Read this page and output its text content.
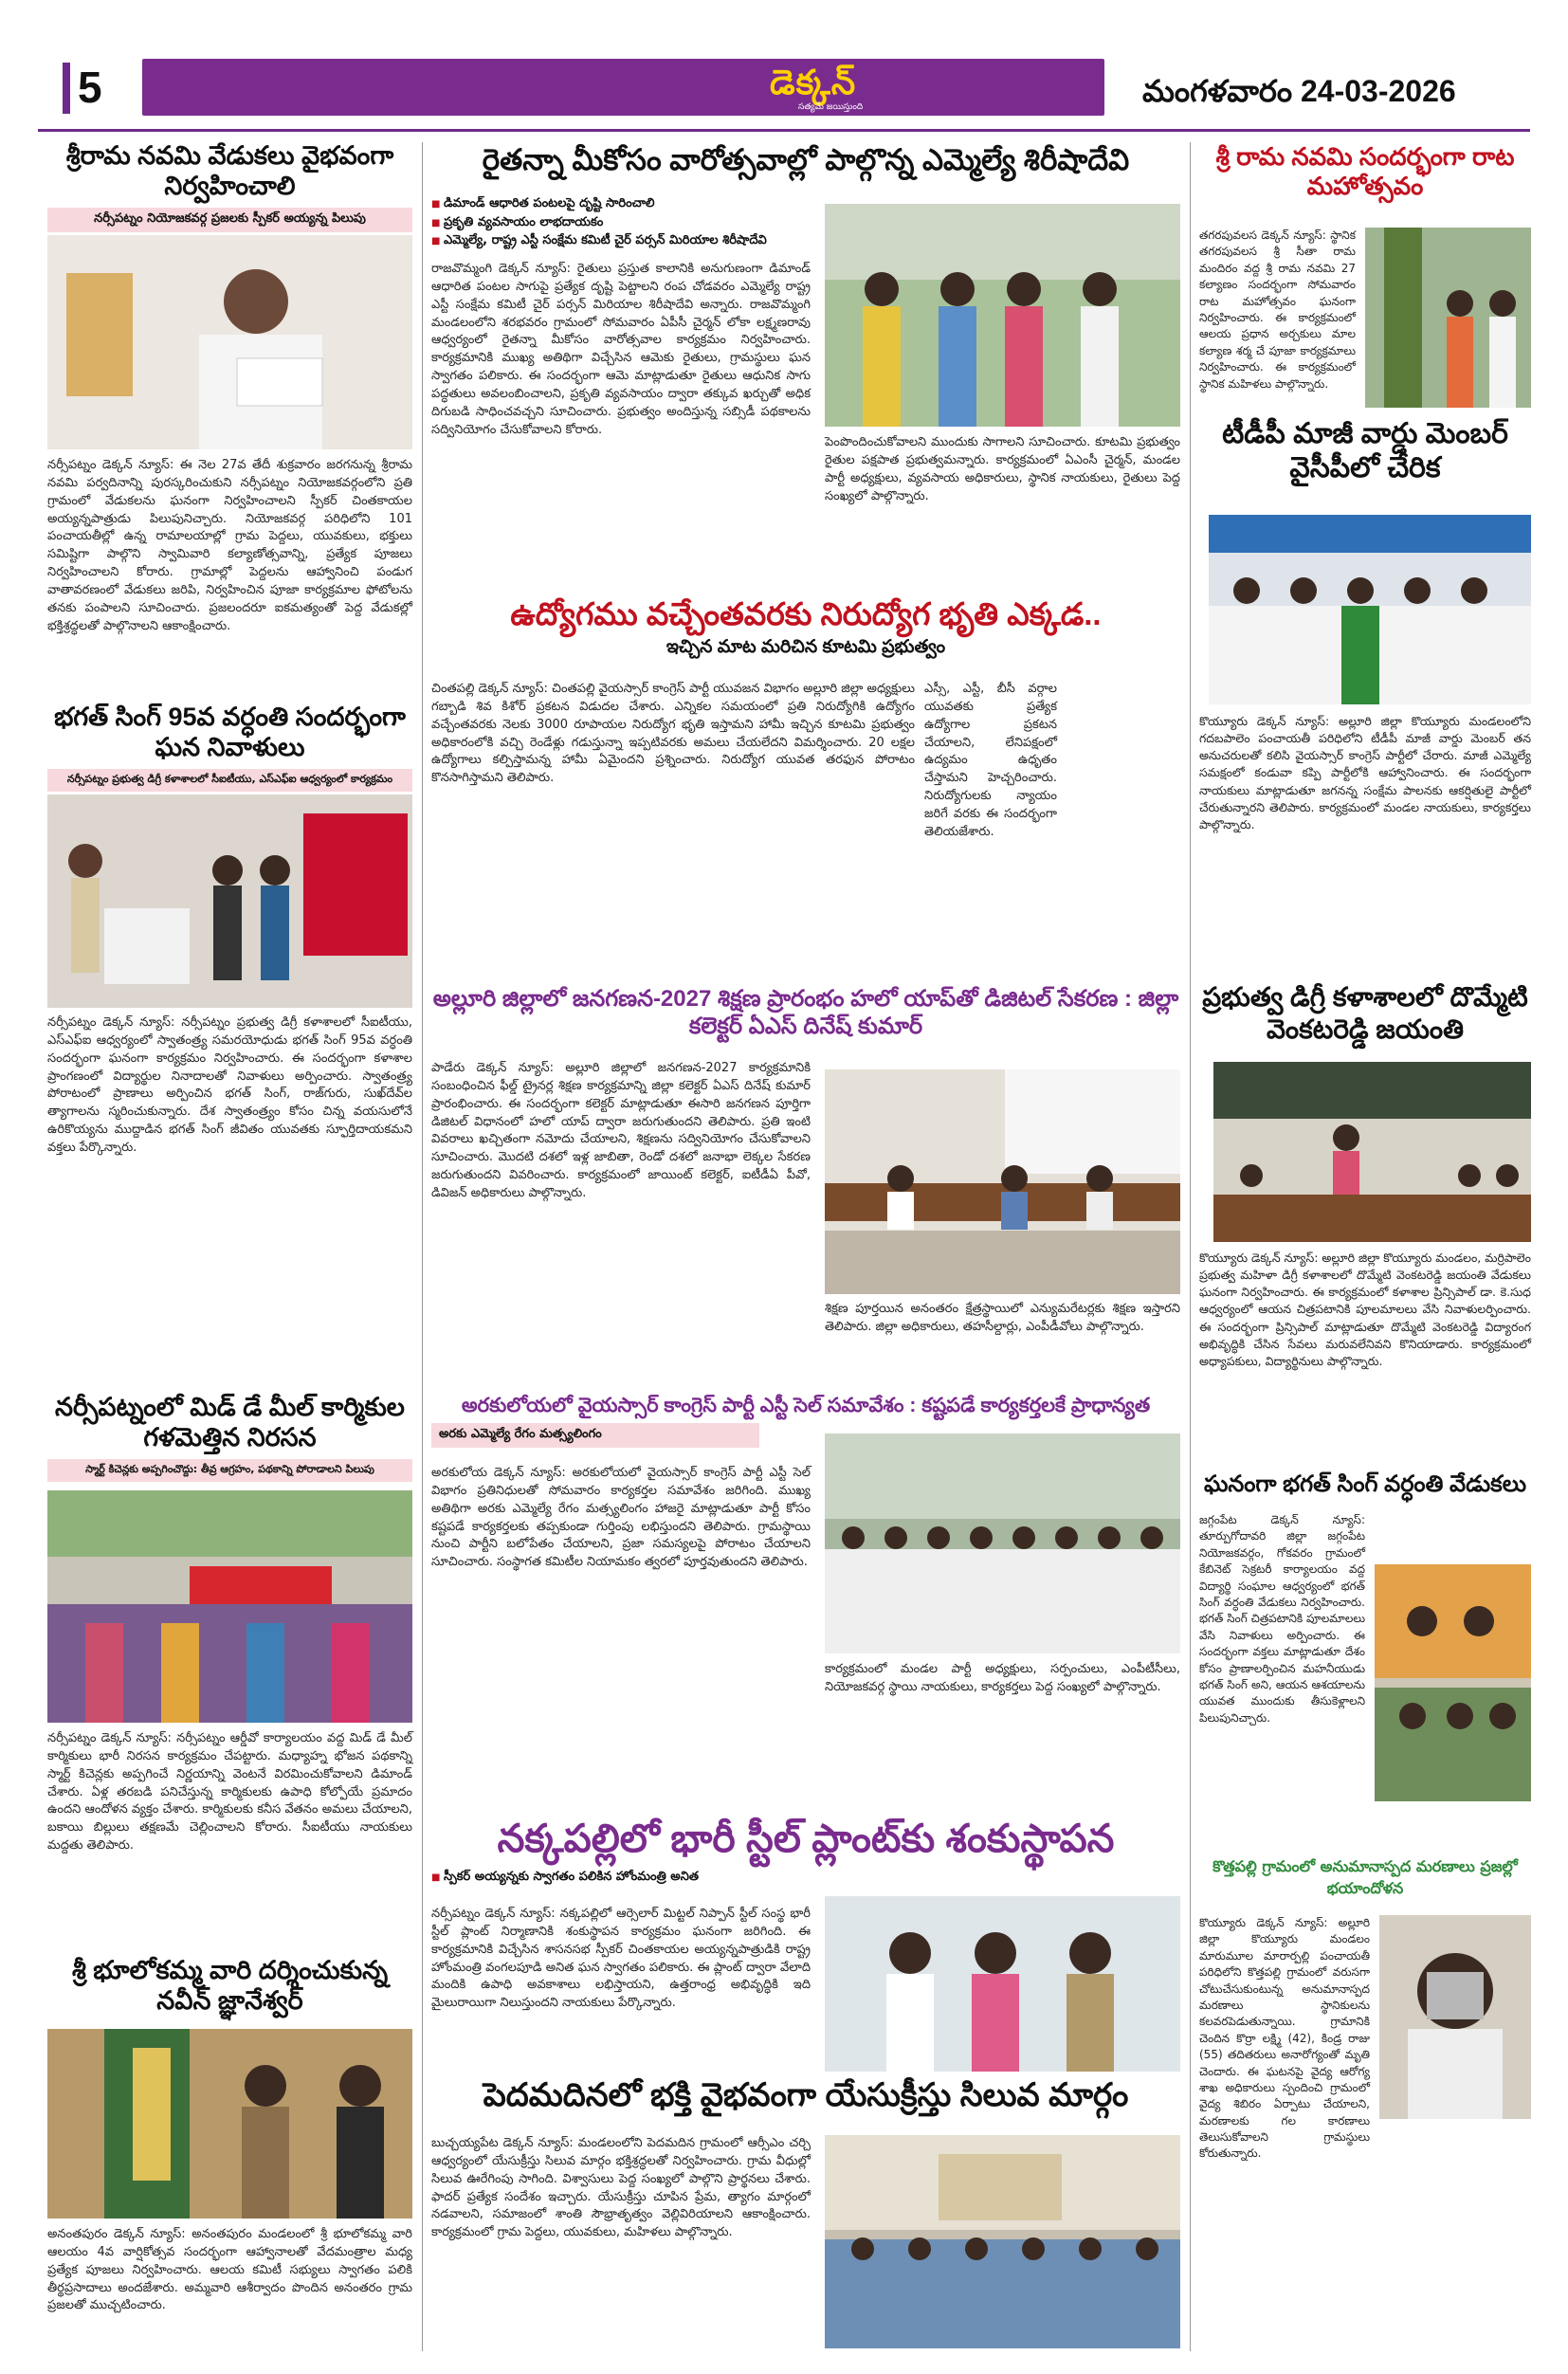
5	డెక్కన్
సత్యమే జయిస్తుంది	మంగళవారం 24-03-2026
శ్రీరామ నవమి వేడుకలు వైభవంగా నిర్వహించాలి
నర్సీపట్నం నియోజకవర్గ ప్రజలకు స్పీకర్ అయ్యన్న పిలుపు
నర్సీపట్నం డెక్కన్ న్యూస్: ఈ నెల 27వ తేదీ శుక్రవారం జరగనున్న శ్రీరామ నవమి పర్వదినాన్ని పురస్కరించుకుని నర్సీపట్నం నియోజకవర్గంలోని ప్రతి గ్రామంలో వేడుకలను ఘనంగా నిర్వహించాలని స్పీకర్ చింతకాయల అయ్యన్నపాత్రుడు పిలుపునిచ్చారు. నియోజకవర్గ పరిధిలోని 101 పంచాయతీల్లో ఉన్న రామాలయాల్లో గ్రామ పెద్దలు, యువకులు, భక్తులు సమిష్టిగా పాల్గొని స్వామివారి కల్యాణోత్సవాన్ని, ప్రత్యేక పూజలు నిర్వహించాలని కోరారు. గ్రామాల్లో పెద్దలను ఆహ్వానించి పండుగ వాతావరణంలో వేడుకలు జరిపి, నిర్వహించిన పూజా కార్యక్రమాల ఫోటోలను తనకు పంపాలని సూచించారు. ప్రజలందరూ ఐకమత్యంతో పెద్ద వేడుకల్లో భక్తిశ్రద్ధలతో పాల్గొనాలని ఆకాంక్షించారు.
భగత్ సింగ్ 95వ వర్ధంతి సందర్భంగా ఘన నివాళులు
నర్సీపట్నం ప్రభుత్వ డిగ్రీ కళాశాలలో సీఐటీయు, ఎస్ఎఫ్ఐ ఆధ్వర్యంలో కార్యక్రమం
నర్సీపట్నం డెక్కన్ న్యూస్: నర్సీపట్నం ప్రభుత్వ డిగ్రీ కళాశాలలో సీఐటీయు, ఎస్ఎఫ్ఐ ఆధ్వర్యంలో స్వాతంత్ర్య సమరయోధుడు భగత్ సింగ్ 95వ వర్ధంతి సందర్భంగా ఘనంగా కార్యక్రమం నిర్వహించారు. ఈ సందర్భంగా కళాశాల ప్రాంగణంలో విద్యార్థుల నినాదాలతో నివాళులు అర్పించారు. స్వాతంత్ర్య పోరాటంలో ప్రాణాలు అర్పించిన భగత్ సింగ్, రాజ్‌గురు, సుఖ్‌దేవ్‌ల త్యాగాలను స్మరించుకున్నారు. దేశ స్వాతంత్ర్యం కోసం చిన్న వయసులోనే ఉరికొయ్యను ముద్దాడిన భగత్ సింగ్ జీవితం యువతకు స్ఫూర్తిదాయకమని వక్తలు పేర్కొన్నారు.
నర్సీపట్నంలో మిడ్ డే మీల్ కార్మికుల గళమెత్తిన నిరసన
స్మార్ట్ కిచెన్లకు అప్పగించొద్దు: తీవ్ర ఆగ్రహం, పథకాన్ని పోరాడాలని పిలుపు
నర్సీపట్నం డెక్కన్ న్యూస్: నర్సీపట్నం ఆర్డీవో కార్యాలయం వద్ద మిడ్ డే మీల్ కార్మికులు భారీ నిరసన కార్యక్రమం చేపట్టారు. మధ్యాహ్న భోజన పథకాన్ని స్మార్ట్ కిచెన్లకు అప్పగించే నిర్ణయాన్ని వెంటనే విరమించుకోవాలని డిమాండ్ చేశారు. ఏళ్ల తరబడి పనిచేస్తున్న కార్మికులకు ఉపాధి కోల్పోయే ప్రమాదం ఉందని ఆందోళన వ్యక్తం చేశారు. కార్మికులకు కనీస వేతనం అమలు చేయాలని, బకాయి బిల్లులు తక్షణమే చెల్లించాలని కోరారు. సీఐటీయు నాయకులు మద్దతు తెలిపారు.
శ్రీ భూలోకమ్మ వారి దర్శించుకున్న నవీన్ జ్ఞానేశ్వర్
అనంతపురం డెక్కన్ న్యూస్: అనంతపురం మండలంలో శ్రీ భూలోకమ్మ వారి ఆలయం 4వ వార్షికోత్సవ సందర్భంగా ఆహ్వానాలతో వేదమంత్రాల మధ్య ప్రత్యేక పూజలు నిర్వహించారు. ఆలయ కమిటీ సభ్యులు స్వాగతం పలికి తీర్థప్రసాదాలు అందజేశారు. అమ్మవారి ఆశీర్వాదం పొందిన అనంతరం గ్రామ ప్రజలతో ముచ్చటించారు.
రైతన్నా మీకోసం వారోత్సవాల్లో పాల్గొన్న ఎమ్మెల్యే శిరీషాదేవి
■ డిమాండ్ ఆధారిత పంటలపై దృష్టి సారించాలి
■ ప్రకృతి వ్యవసాయం లాభదాయకం
■ ఎమ్మెల్యే, రాష్ట్ర ఎస్టీ సంక్షేమ కమిటీ చైర్ పర్సన్ మిరియాల శిరీషాదేవి
రాజవొమ్మంగి డెక్కన్ న్యూస్: రైతులు ప్రస్తుత కాలానికి అనుగుణంగా డిమాండ్ ఆధారిత పంటల సాగుపై ప్రత్యేక దృష్టి పెట్టాలని రంప చోడవరం ఎమ్మెల్యే రాష్ట్ర ఎస్టీ సంక్షేమ కమిటీ చైర్ పర్సన్ మిరియాల శిరీషాదేవి అన్నారు. రాజవొమ్మంగి మండలంలోని శరభవరం గ్రామంలో సోమవారం ఏపీసీ చైర్మన్ లోకా లక్ష్మణరావు ఆధ్వర్యంలో రైతన్నా మీకోసం వారోత్సవాల కార్యక్రమం నిర్వహించారు. కార్యక్రమానికి ముఖ్య అతిథిగా విచ్చేసిన ఆమెకు రైతులు, గ్రామస్థులు ఘన స్వాగతం పలికారు. ఈ సందర్భంగా ఆమె మాట్లాడుతూ రైతులు ఆధునిక సాగు పద్ధతులు అవలంబించాలని, ప్రకృతి వ్యవసాయం ద్వారా తక్కువ ఖర్చుతో అధిక దిగుబడి సాధించవచ్చని సూచించారు. ప్రభుత్వం అందిస్తున్న సబ్సిడీ పథకాలను సద్వినియోగం చేసుకోవాలని కోరారు.
పెంపొందించుకోవాలని ముందుకు సాగాలని సూచించారు. కూటమి ప్రభుత్వం రైతుల పక్షపాత ప్రభుత్వమన్నారు. కార్యక్రమంలో ఏఎంసీ చైర్మన్, మండల పార్టీ అధ్యక్షులు, వ్యవసాయ అధికారులు, స్థానిక నాయకులు, రైతులు పెద్ద సంఖ్యలో పాల్గొన్నారు.
ఉద్యోగము వచ్చేంతవరకు నిరుద్యోగ భృతి ఎక్కడ..
ఇచ్చిన మాట మరిచిన కూటమి ప్రభుత్వం
చింతపల్లి డెక్కన్ న్యూస్: చింతపల్లి వైయస్సార్ కాంగ్రెస్ పార్టీ యువజన విభాగం అల్లూరి జిల్లా అధ్యక్షులు గబ్బాడి శివ కిశోర్ ప్రకటన విడుదల చేశారు. ఎన్నికల సమయంలో ప్రతి నిరుద్యోగికి ఉద్యోగం వచ్చేంతవరకు నెలకు 3000 రూపాయల నిరుద్యోగ భృతి ఇస్తామని హామీ ఇచ్చిన కూటమి ప్రభుత్వం అధికారంలోకి వచ్చి రెండేళ్లు గడుస్తున్నా ఇప్పటివరకు అమలు చేయలేదని విమర్శించారు. 20 లక్షల ఉద్యోగాలు కల్పిస్తామన్న హామీ ఏమైందని ప్రశ్నించారు. నిరుద్యోగ యువత తరఫున పోరాటం కొనసాగిస్తామని తెలిపారు.
ఎస్సీ, ఎస్టీ, బీసీ వర్గాల యువతకు ప్రత్యేక ఉద్యోగాల ప్రకటన చేయాలని, లేనిపక్షంలో ఉద్యమం ఉధృతం చేస్తామని హెచ్చరించారు. నిరుద్యోగులకు న్యాయం జరిగే వరకు ఈ సందర్భంగా తెలియజేశారు.
అల్లూరి జిల్లాలో జనగణన-2027 శిక్షణ ప్రారంభం హలో యాప్‌తో డిజిటల్ సేకరణ : జిల్లా కలెక్టర్ ఏఎస్ దినేష్ కుమార్
పాడేరు డెక్కన్ న్యూస్: అల్లూరి జిల్లాలో జనగణన-2027 కార్యక్రమానికి సంబంధించిన ఫీల్డ్ ట్రైనర్ల శిక్షణ కార్యక్రమాన్ని జిల్లా కలెక్టర్ ఏఎస్ దినేష్ కుమార్ ప్రారంభించారు. ఈ సందర్భంగా కలెక్టర్ మాట్లాడుతూ ఈసారి జనగణన పూర్తిగా డిజిటల్ విధానంలో హలో యాప్ ద్వారా జరుగుతుందని తెలిపారు. ప్రతి ఇంటి వివరాలు ఖచ్చితంగా నమోదు చేయాలని, శిక్షణను సద్వినియోగం చేసుకోవాలని సూచించారు. మొదటి దశలో ఇళ్ల జాబితా, రెండో దశలో జనాభా లెక్కల సేకరణ జరుగుతుందని వివరించారు. కార్యక్రమంలో జాయింట్ కలెక్టర్, ఐటీడీఏ పీవో, డివిజన్ అధికారులు పాల్గొన్నారు.
శిక్షణ పూర్తయిన అనంతరం క్షేత్రస్థాయిలో ఎన్యుమరేటర్లకు శిక్షణ ఇస్తారని తెలిపారు. జిల్లా అధికారులు, తహసీల్దార్లు, ఎంపీడీవోలు పాల్గొన్నారు.
అరకులోయలో వైయస్సార్ కాంగ్రెస్ పార్టీ ఎస్టీ సెల్ సమావేశం : కష్టపడే కార్యకర్తలకే ప్రాధాన్యత
అరకు ఎమ్మెల్యే రేగం మత్స్యలింగం
అరకులోయ డెక్కన్ న్యూస్: అరకులోయలో వైయస్సార్ కాంగ్రెస్ పార్టీ ఎస్టీ సెల్ విభాగం ప్రతినిధులతో సోమవారం కార్యకర్తల సమావేశం జరిగింది. ముఖ్య అతిథిగా అరకు ఎమ్మెల్యే రేగం మత్స్యలింగం హాజరై మాట్లాడుతూ పార్టీ కోసం కష్టపడే కార్యకర్తలకు తప్పకుండా గుర్తింపు లభిస్తుందని తెలిపారు. గ్రామస్థాయి నుంచి పార్టీని బలోపేతం చేయాలని, ప్రజా సమస్యలపై పోరాటం చేయాలని సూచించారు. సంస్థాగత కమిటీల నియామకం త్వరలో పూర్తవుతుందని తెలిపారు.
కార్యక్రమంలో మండల పార్టీ అధ్యక్షులు, సర్పంచులు, ఎంపీటీసీలు, నియోజకవర్గ స్థాయి నాయకులు, కార్యకర్తలు పెద్ద సంఖ్యలో పాల్గొన్నారు.
నక్కపల్లిలో భారీ స్టీల్ ప్లాంట్‌కు శంకుస్థాపన
■ స్పీకర్ అయ్యన్నకు స్వాగతం పలికిన హోంమంత్రి అనిత
నర్సీపట్నం డెక్కన్ న్యూస్: నక్కపల్లిలో ఆర్సెలార్ మిట్టల్ నిప్పాన్ స్టీల్ సంస్థ భారీ స్టీల్ ప్లాంట్ నిర్మాణానికి శంకుస్థాపన కార్యక్రమం ఘనంగా జరిగింది. ఈ కార్యక్రమానికి విచ్చేసిన శాసనసభ స్పీకర్ చింతకాయల అయ్యన్నపాత్రుడికి రాష్ట్ర హోంమంత్రి వంగలపూడి అనిత ఘన స్వాగతం పలికారు. ఈ ప్లాంట్ ద్వారా వేలాది మందికి ఉపాధి అవకాశాలు లభిస్తాయని, ఉత్తరాంధ్ర అభివృద్ధికి ఇది మైలురాయిగా నిలుస్తుందని నాయకులు పేర్కొన్నారు.
పెదమదినలో భక్తి వైభవంగా యేసుక్రీస్తు సిలువ మార్గం
బుచ్చయ్యపేట డెక్కన్ న్యూస్: మండలంలోని పెదమదిన గ్రామంలో ఆర్సీఎం చర్చి ఆధ్వర్యంలో యేసుక్రీస్తు సిలువ మార్గం భక్తిశ్రద్ధలతో నిర్వహించారు. గ్రామ వీధుల్లో సిలువ ఊరేగింపు సాగింది. విశ్వాసులు పెద్ద సంఖ్యలో పాల్గొని ప్రార్థనలు చేశారు. ఫాదర్ ప్రత్యేక సందేశం ఇచ్చారు. యేసుక్రీస్తు చూపిన ప్రేమ, త్యాగం మార్గంలో నడవాలని, సమాజంలో శాంతి సౌభ్రాతృత్వం వెల్లివిరియాలని ఆకాంక్షించారు. కార్యక్రమంలో గ్రామ పెద్దలు, యువకులు, మహిళలు పాల్గొన్నారు.
శ్రీ రామ నవమి సందర్భంగా రాట మహోత్సవం
తగరపువలస డెక్కన్ న్యూస్: స్థానిక తగరపువలస శ్రీ సీతా రామ మందిరం వద్ద శ్రీ రామ నవమి 27 కల్యాణం సందర్భంగా సోమవారం రాట మహోత్సవం ఘనంగా నిర్వహించారు. ఈ కార్యక్రమంలో ఆలయ ప్రధాన అర్చకులు మాల కల్యాణ శర్మ చే పూజా కార్యక్రమాలు నిర్వహించారు. ఈ కార్యక్రమంలో స్థానిక మహిళలు పాల్గొన్నారు.
టీడీపీ మాజీ వార్డు మెంబర్ వైసీపీలో చేరిక
కొయ్యూరు డెక్కన్ న్యూస్: అల్లూరి జిల్లా కొయ్యూరు మండలంలోని గదబపాలెం పంచాయతీ పరిధిలోని టీడీపీ మాజీ వార్డు మెంబర్ తన అనుచరులతో కలిసి వైయస్సార్ కాంగ్రెస్ పార్టీలో చేరారు. మాజీ ఎమ్మెల్యే సమక్షంలో కండువా కప్పి పార్టీలోకి ఆహ్వానించారు. ఈ సందర్భంగా నాయకులు మాట్లాడుతూ జగనన్న సంక్షేమ పాలనకు ఆకర్షితులై పార్టీలో చేరుతున్నారని తెలిపారు. కార్యక్రమంలో మండల నాయకులు, కార్యకర్తలు పాల్గొన్నారు.
ప్రభుత్వ డిగ్రీ కళాశాలలో దొమ్మేటి వెంకటరెడ్డి జయంతి
కొయ్యూరు డెక్కన్ న్యూస్: అల్లూరి జిల్లా కొయ్యూరు మండలం, మర్రిపాలెం ప్రభుత్వ మహిళా డిగ్రీ కళాశాలలో దొమ్మేటి వెంకటరెడ్డి జయంతి వేడుకలు ఘనంగా నిర్వహించారు. ఈ కార్యక్రమంలో కళాశాల ప్రిన్సిపాల్ డా. కె.సుధ ఆధ్వర్యంలో ఆయన చిత్రపటానికి పూలమాలలు వేసి నివాళులర్పించారు. ఈ సందర్భంగా ప్రిన్సిపాల్ మాట్లాడుతూ దొమ్మేటి వెంకటరెడ్డి విద్యారంగ అభివృద్ధికి చేసిన సేవలు మరువలేనివని కొనియాడారు. కార్యక్రమంలో అధ్యాపకులు, విద్యార్థినులు పాల్గొన్నారు.
ఘనంగా భగత్ సింగ్ వర్ధంతి వేడుకలు
జగ్గంపేట డెక్కన్ న్యూస్: తూర్పుగోదావరి జిల్లా జగ్గంపేట నియోజకవర్గం, గోకవరం గ్రామంలో కేబినెట్ సెక్రటరీ కార్యాలయం వద్ద విద్యార్థి సంఘాల ఆధ్వర్యంలో భగత్ సింగ్ వర్ధంతి వేడుకలు నిర్వహించారు. భగత్ సింగ్ చిత్రపటానికి పూలమాలలు వేసి నివాళులు అర్పించారు. ఈ సందర్భంగా వక్తలు మాట్లాడుతూ దేశం కోసం ప్రాణాలర్పించిన మహనీయుడు భగత్ సింగ్ అని, ఆయన ఆశయాలను యువత ముందుకు తీసుకెళ్లాలని పిలుపునిచ్చారు.
కొత్తపల్లి గ్రామంలో అనుమానాస్పద మరణాలు ప్రజల్లో భయాందోళన
కొయ్యూరు డెక్కన్ న్యూస్: అల్లూరి జిల్లా కొయ్యూరు మండలం మారుమూల మారార్పల్లి పంచాయతీ పరిధిలోని కొత్తపల్లి గ్రామంలో వరుసగా చోటుచేసుకుంటున్న అనుమానాస్పద మరణాలు స్థానికులను కలవరపెడుతున్నాయి. గ్రామానికి చెందిన కొర్రా లక్ష్మి (42), కిండ్ర రాజు (55) తదితరులు అనారోగ్యంతో మృతి చెందారు. ఈ ఘటనపై వైద్య ఆరోగ్య శాఖ అధికారులు స్పందించి గ్రామంలో వైద్య శిబిరం ఏర్పాటు చేయాలని, మరణాలకు గల కారణాలు తెలుసుకోవాలని గ్రామస్థులు కోరుతున్నారు.
